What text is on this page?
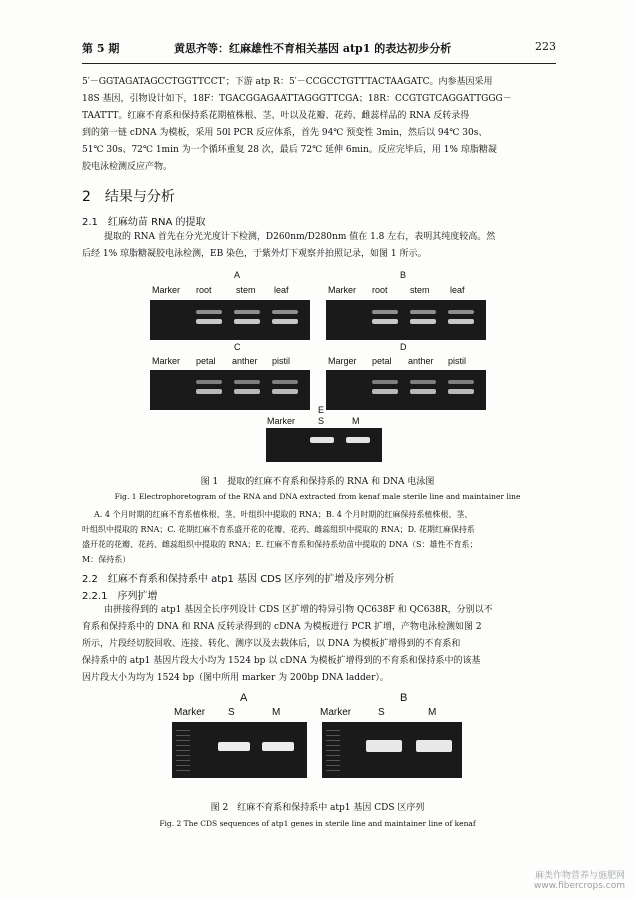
第 5 期	黄思齐等：红麻雄性不育相关基因 atp1 的表达初步分析	223
5′－GGTAGATAGCCTGGTTCCT′；下游 atp R：5′－CCGCCTGTTTACTAAGATC。内参基因采用
18S 基因，引物设计如下，18F：TGACGGAGAATTAGGGTTCGA；18R：CCGTGTCAGGATTGGG－
TAATTT。红麻不育系和保持系花期植株根、茎、叶以及花瓣、花药、雌蕊样品的 RNA 反转录得
到的第一链 cDNA 为模板，采用 50l PCR 反应体系，首先 94℃ 预变性 3min，然后以 94℃ 30s、
51℃ 30s、72℃ 1min 为一个循环重复 28 次，最后 72℃ 延伸 6min。反应完毕后，用 1% 琼脂糖凝
胶电泳检测反应产物。
2　结果与分析
2.1　红麻幼苗 RNA 的提取
提取的 RNA 首先在分光光度计下检测，D260nm/D280nm 值在 1.8 左右，表明其纯度较高。然
后经 1% 琼脂糖凝胶电泳检测，EB 染色，于紫外灯下观察并拍照记录，如图 1 所示。
A
Marker root	stem leaf
B
Marker root stem leaf
C
Marker petal anther pistil
D
Marger petal anther pistil
E
Marker	S	M
图 1　提取的红麻不育系和保持系的 RNA 和 DNA 电泳图
Fig. 1 Electrophoretogram of the RNA and DNA extracted from kenaf male sterile line and maintainer line
A. 4 个月时期的红麻不育系植株根、茎、叶组织中提取的 RNA；B. 4 个月时期的红麻保持系植株根、茎、
叶组织中提取的 RNA；C. 花期红麻不育系盛开花的花瓣、花药、雌蕊组织中提取的 RNA；D. 花期红麻保持系
盛开花的花瓣、花药、雌蕊组织中提取的 RNA；E. 红麻不育系和保持系幼苗中提取的 DNA（S：雄性不育系；
M：保持系）
2.2　红麻不育系和保持系中 atp1 基因 CDS 区序列的扩增及序列分析
2.2.1　序列扩增
由拼接得到的 atp1 基因全长序列设计 CDS 区扩增的特异引物 QC638F 和 QC638R，分别以不
育系和保持系中的 DNA 和 RNA 反转录得到的 cDNA 为模板进行 PCR 扩增，产物电泳检测如图 2
所示，片段经切胶回收、连接、转化、测序以及去载体后，以 DNA 为模板扩增得到的不育系和
保持系中的 atp1 基因片段大小均为 1524 bp 以 cDNA 为模板扩增得到的不育系和保持系中的该基
因片段大小为均为 1524 bp（图中所用 marker 为 200bp DNA ladder）。
A
Marker S	M
B
Marker	S	M
图 2　红麻不育系和保持系中 atp1 基因 CDS 区序列
Fig. 2 The CDS sequences of atp1 genes in sterile line and maintainer line of kenaf
麻类作物营养与施肥网
www.fibercrops.com
